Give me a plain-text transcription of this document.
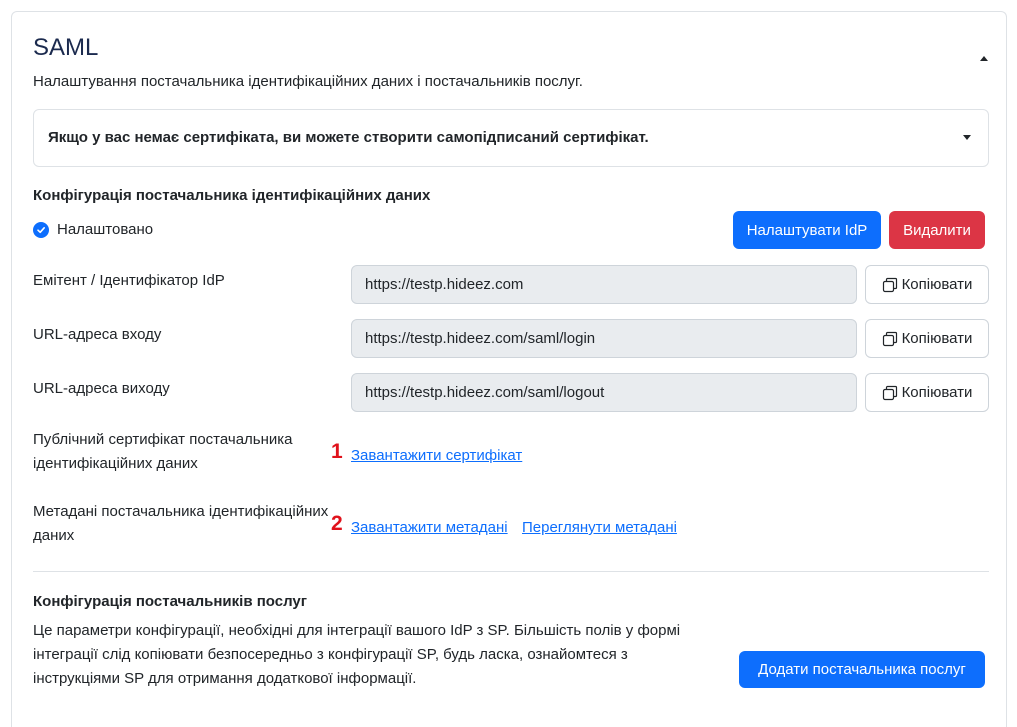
SAML
Налаштування постачальника ідентифікаційних даних і постачальників послуг.
Якщо у вас немає сертифіката, ви можете створити самопідписаний сертифікат.
Конфігурація постачальника ідентифікаційних даних
Налаштовано	Налаштувати IdP	Видалити
Емітент / Ідентифікатор IdP	https://testp.hideez.com	Копіювати
URL-адреса входу	https://testp.hideez.com/saml/login	Копіювати
URL-адреса виходу	https://testp.hideez.com/saml/logout	Копіювати
Публічний сертифікат постачальника
ідентифікаційних даних
1 Завантажити сертифікат
Метадані постачальника ідентифікаційних
даних
2 Завантажити метадані Переглянути метадані
Конфігурація постачальників послуг
Це параметри конфігурації, необхідні для інтеграції вашого IdP з SP. Більшість полів у формі
інтеграції слід копіювати безпосередньо з конфігурації SP, будь ласка, ознайомтеся з
інструкціями SP для отримання додаткової інформації.
Додати постачальника послуг
